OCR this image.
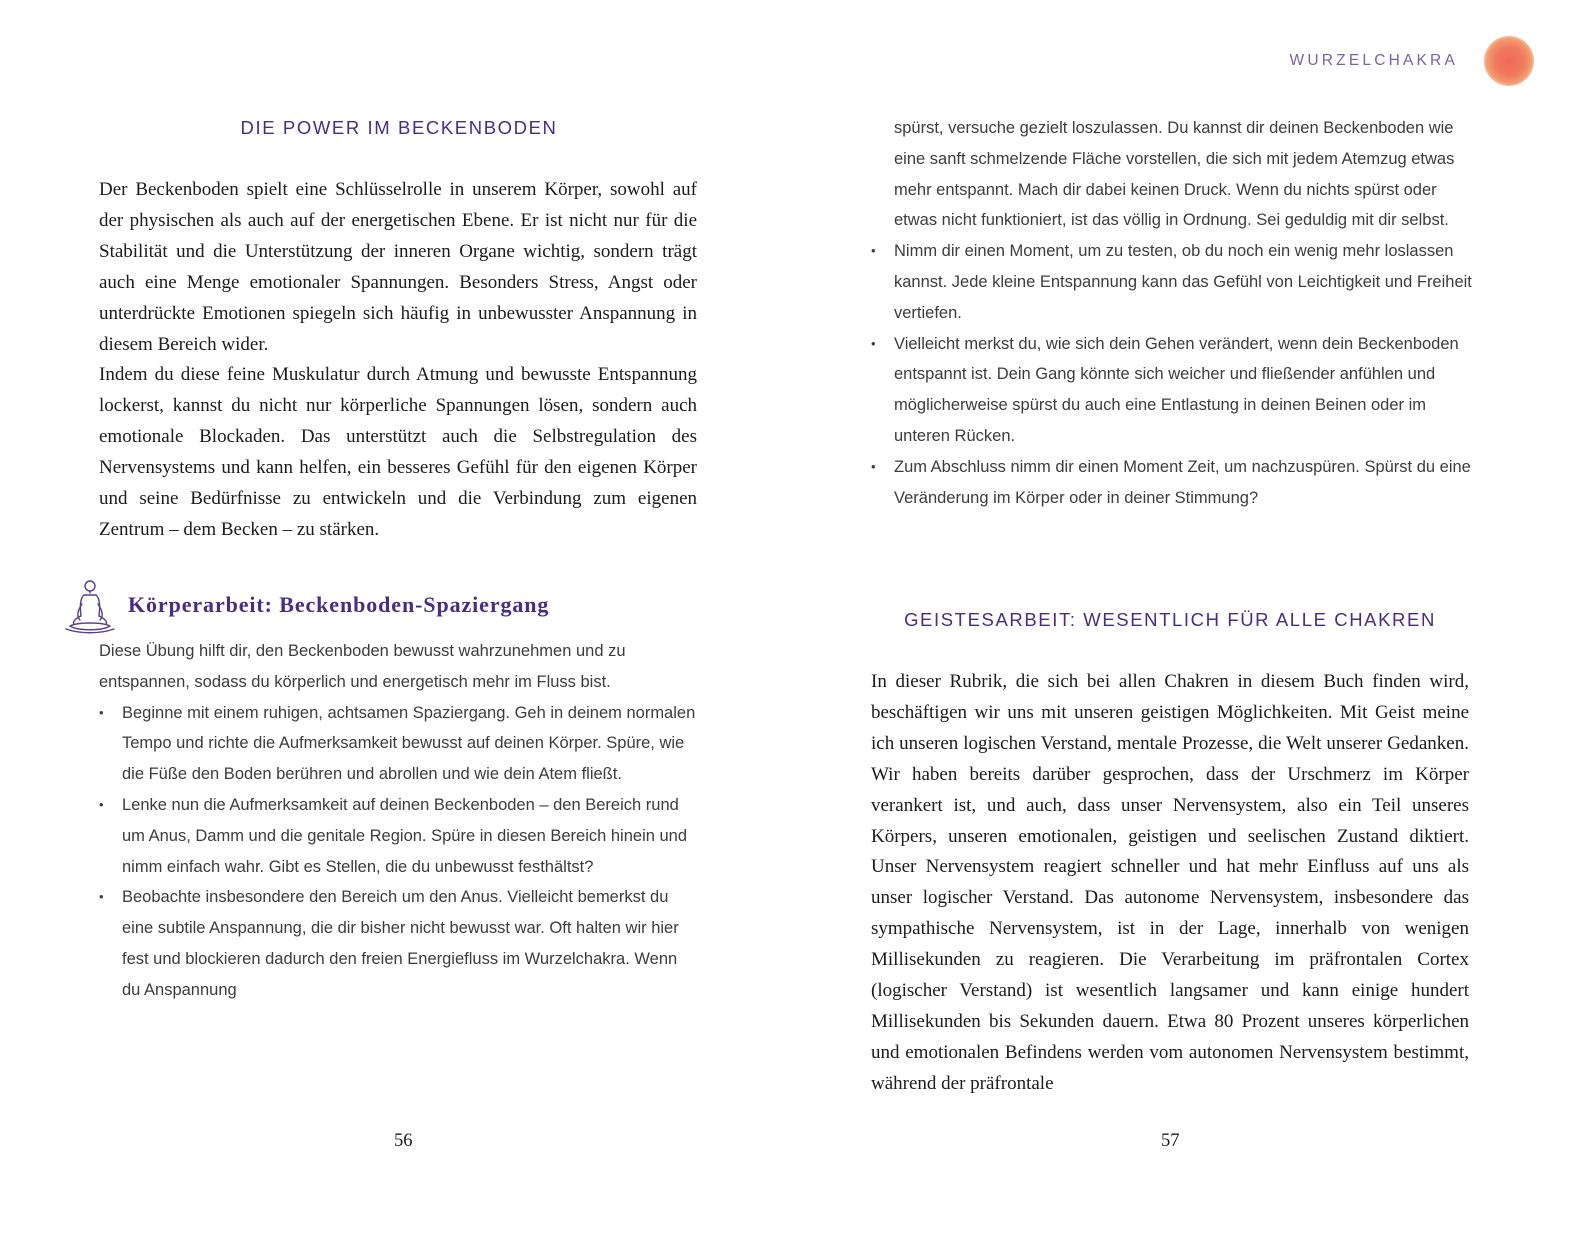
DIE POWER IM BECKENBODEN

Der Beckenboden spielt eine Schlüsselrolle in unserem Körper, sowohl auf der physischen als auch auf der energetischen Ebene. Er ist nicht nur für die Stabilität und die Unterstützung der inneren Organe wichtig, sondern trägt auch eine Menge emotionaler Spannungen. Besonders Stress, Angst oder unterdrückte Emotionen spiegeln sich häufig in unbewusster Anspannung in diesem Bereich wider.

Indem du diese feine Muskulatur durch Atmung und bewusste Entspannung lockerst, kannst du nicht nur körperliche Spannungen lösen, sondern auch emotionale Blockaden. Das unterstützt auch die Selbstregulation des Nervensystems und kann helfen, ein besseres Gefühl für den eigenen Körper und seine Bedürfnisse zu entwickeln und die Verbindung zum eigenen Zentrum – dem Becken – zu stärken.

Körperarbeit: Beckenboden-Spaziergang

Diese Übung hilft dir, den Beckenboden bewusst wahrzunehmen und zu entspannen, sodass du körperlich und energetisch mehr im Fluss bist.

• Beginne mit einem ruhigen, achtsamen Spaziergang. Geh in deinem normalen Tempo und richte die Aufmerksamkeit bewusst auf deinen Körper. Spüre, wie die Füße den Boden berühren und abrollen und wie dein Atem fließt.
• Lenke nun die Aufmerksamkeit auf deinen Beckenboden – den Bereich rund um Anus, Damm und die genitale Region. Spüre in diesen Bereich hinein und nimm einfach wahr. Gibt es Stellen, die du unbewusst festhältst?
• Beobachte insbesondere den Bereich um den Anus. Vielleicht bemerkst du eine subtile Anspannung, die dir bisher nicht bewusst war. Oft halten wir hier fest und blockieren dadurch den freien Energiefluss im Wurzelchakra. Wenn du Anspannung
56
WURZELCHAKRA

spürst, versuche gezielt loszulassen. Du kannst dir deinen Beckenboden wie eine sanft schmelzende Fläche vorstellen, die sich mit jedem Atemzug etwas mehr entspannt. Mach dir dabei keinen Druck. Wenn du nichts spürst oder etwas nicht funktioniert, ist das völlig in Ordnung. Sei geduldig mit dir selbst.

• Nimm dir einen Moment, um zu testen, ob du noch ein wenig mehr loslassen kannst. Jede kleine Entspannung kann das Gefühl von Leichtigkeit und Freiheit vertiefen.
• Vielleicht merkst du, wie sich dein Gehen verändert, wenn dein Beckenboden entspannt ist. Dein Gang könnte sich weicher und fließender anfühlen und möglicherweise spürst du auch eine Entlastung in deinen Beinen oder im unteren Rücken.
• Zum Abschluss nimm dir einen Moment Zeit, um nachzuspüren. Spürst du eine Veränderung im Körper oder in deiner Stimmung?
GEISTESARBEIT: WESENTLICH FÜR ALLE CHAKREN

In dieser Rubrik, die sich bei allen Chakren in diesem Buch finden wird, beschäftigen wir uns mit unseren geistigen Möglichkeiten. Mit Geist meine ich unseren logischen Verstand, mentale Prozesse, die Welt unserer Gedanken. Wir haben bereits darüber gesprochen, dass der Urschmerz im Körper verankert ist, und auch, dass unser Nervensystem, also ein Teil unseres Körpers, unseren emotionalen, geistigen und seelischen Zustand diktiert. Unser Nervensystem reagiert schneller und hat mehr Einfluss auf uns als unser logischer Verstand. Das autonome Nervensystem, insbesondere das sympathische Nervensystem, ist in der Lage, innerhalb von wenigen Millisekunden zu reagieren. Die Verarbeitung im präfrontalen Cortex (logischer Verstand) ist wesentlich langsamer und kann einige hundert Millisekunden bis Sekunden dauern. Etwa 80 Prozent unseres körperlichen und emotionalen Befindens werden vom autonomen Nervensystem bestimmt, während der präfrontale

57
